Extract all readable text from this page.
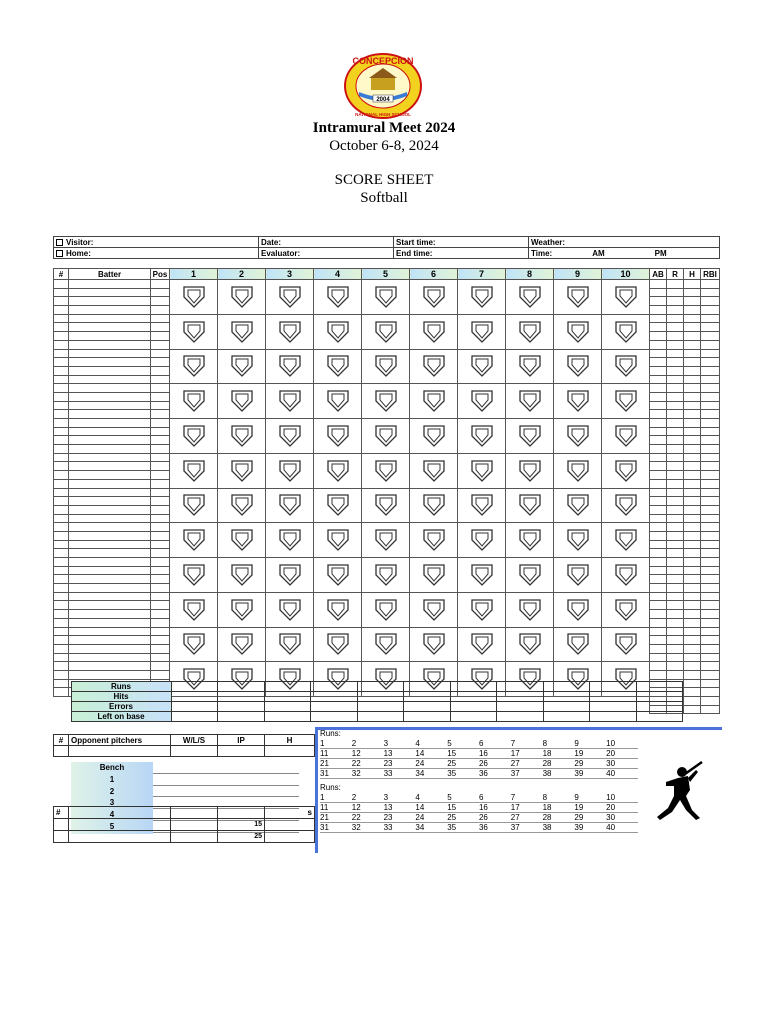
CONCEPCION
2004
NATIONAL HIGH SCHOOL
Intramural Meet 2024
October 6-8, 2024
SCORE SHEET
Softball
Visitor:	Date:	Start time:	Weather:
Home:	Evaluator:	End time:	Time: AM PM
#	Batter	Pos	1	2	3	4	5	6	7	8	9	10	AB	R	H	RBI

	Runs											
	Hits											
	Errors											
	Left on base											
#	Opponent pitchers	W/L/S	IP	H

Bench
1
2
3
4
5
#				s
			15	
			25	
Runs:
1	2	3	4	5	6	7	8	9	10
11	12	13	14	15	16	17	18	19	20
21	22	23	24	25	26	27	28	29	30
31	32	33	34	35	36	37	38	39	40
Runs:
1	2	3	4	5	6	7	8	9	10
11	12	13	14	15	16	17	18	19	20
21	22	23	24	25	26	27	28	29	30
31	32	33	34	35	36	37	38	39	40
